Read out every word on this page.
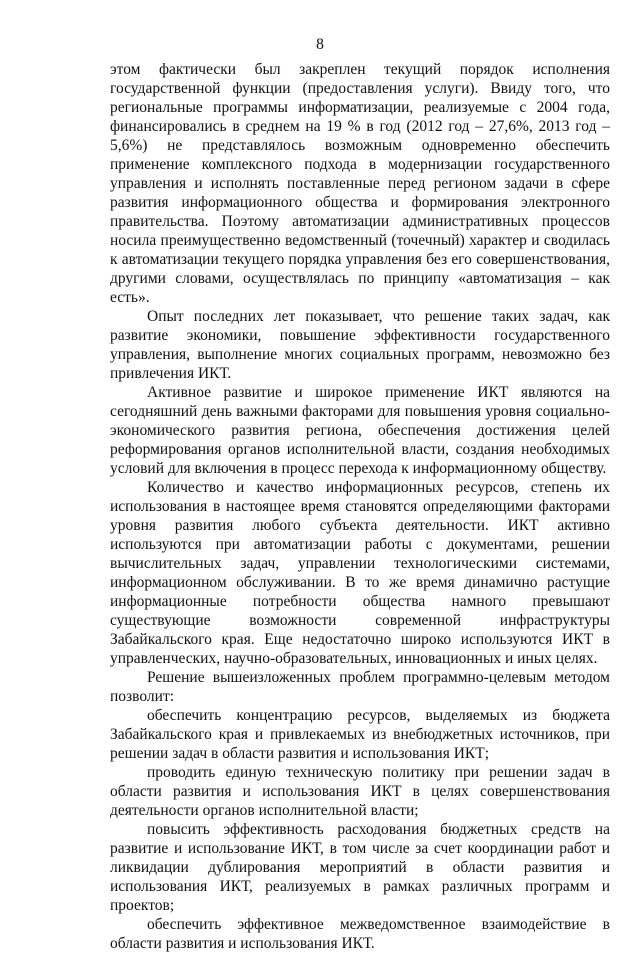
8

этом фактически был закреплен текущий порядок исполнения государственной функции (предоставления услуги). Ввиду того, что региональные программы информатизации, реализуемые с 2004 года, финансировались в среднем на 19 % в год (2012 год – 27,6%, 2013 год – 5,6%) не представлялось возможным одновременно обеспечить применение комплексного подхода в модернизации государственного управления и исполнять поставленные перед регионом задачи в сфере развития информационного общества и формирования электронного правительства. Поэтому автоматизации административных процессов носила преимущественно ведомственный (точечный) характер и сводилась к автоматизации текущего порядка управления без его совершенствования, другими словами, осуществлялась по принципу «автоматизация – как есть».

Опыт последних лет показывает, что решение таких задач, как развитие экономики, повышение эффективности государственного управления, выполнение многих социальных программ, невозможно без привлечения ИКТ.

Активное развитие и широкое применение ИКТ являются на сегодняшний день важными факторами для повышения уровня социально-экономического развития региона, обеспечения достижения целей реформирования органов исполнительной власти, создания необходимых условий для включения в процесс перехода к информационному обществу.

Количество и качество информационных ресурсов, степень их использования в настоящее время становятся определяющими факторами уровня развития любого субъекта деятельности. ИКТ активно используются при автоматизации работы с документами, решении вычислительных задач, управлении технологическими системами, информационном обслуживании. В то же время динамично растущие информационные потребности общества намного превышают существующие возможности современной инфраструктуры Забайкальского края. Еще недостаточно широко используются ИКТ в управленческих, научно-образовательных, инновационных и иных целях.

Решение вышеизложенных проблем программно-целевым методом позволит:

обеспечить концентрацию ресурсов, выделяемых из бюджета Забайкальского края и привлекаемых из внебюджетных источников, при решении задач в области развития и использования ИКТ;

проводить единую техническую политику при решении задач в области развития и использования ИКТ в целях совершенствования деятельности органов исполнительной власти;

повысить эффективность расходования бюджетных средств на развитие и использование ИКТ, в том числе за счет координации работ и ликвидации дублирования мероприятий в области развития и использования ИКТ, реализуемых в рамках различных программ и проектов;

обеспечить эффективное межведомственное взаимодействие в области развития и использования ИКТ.
